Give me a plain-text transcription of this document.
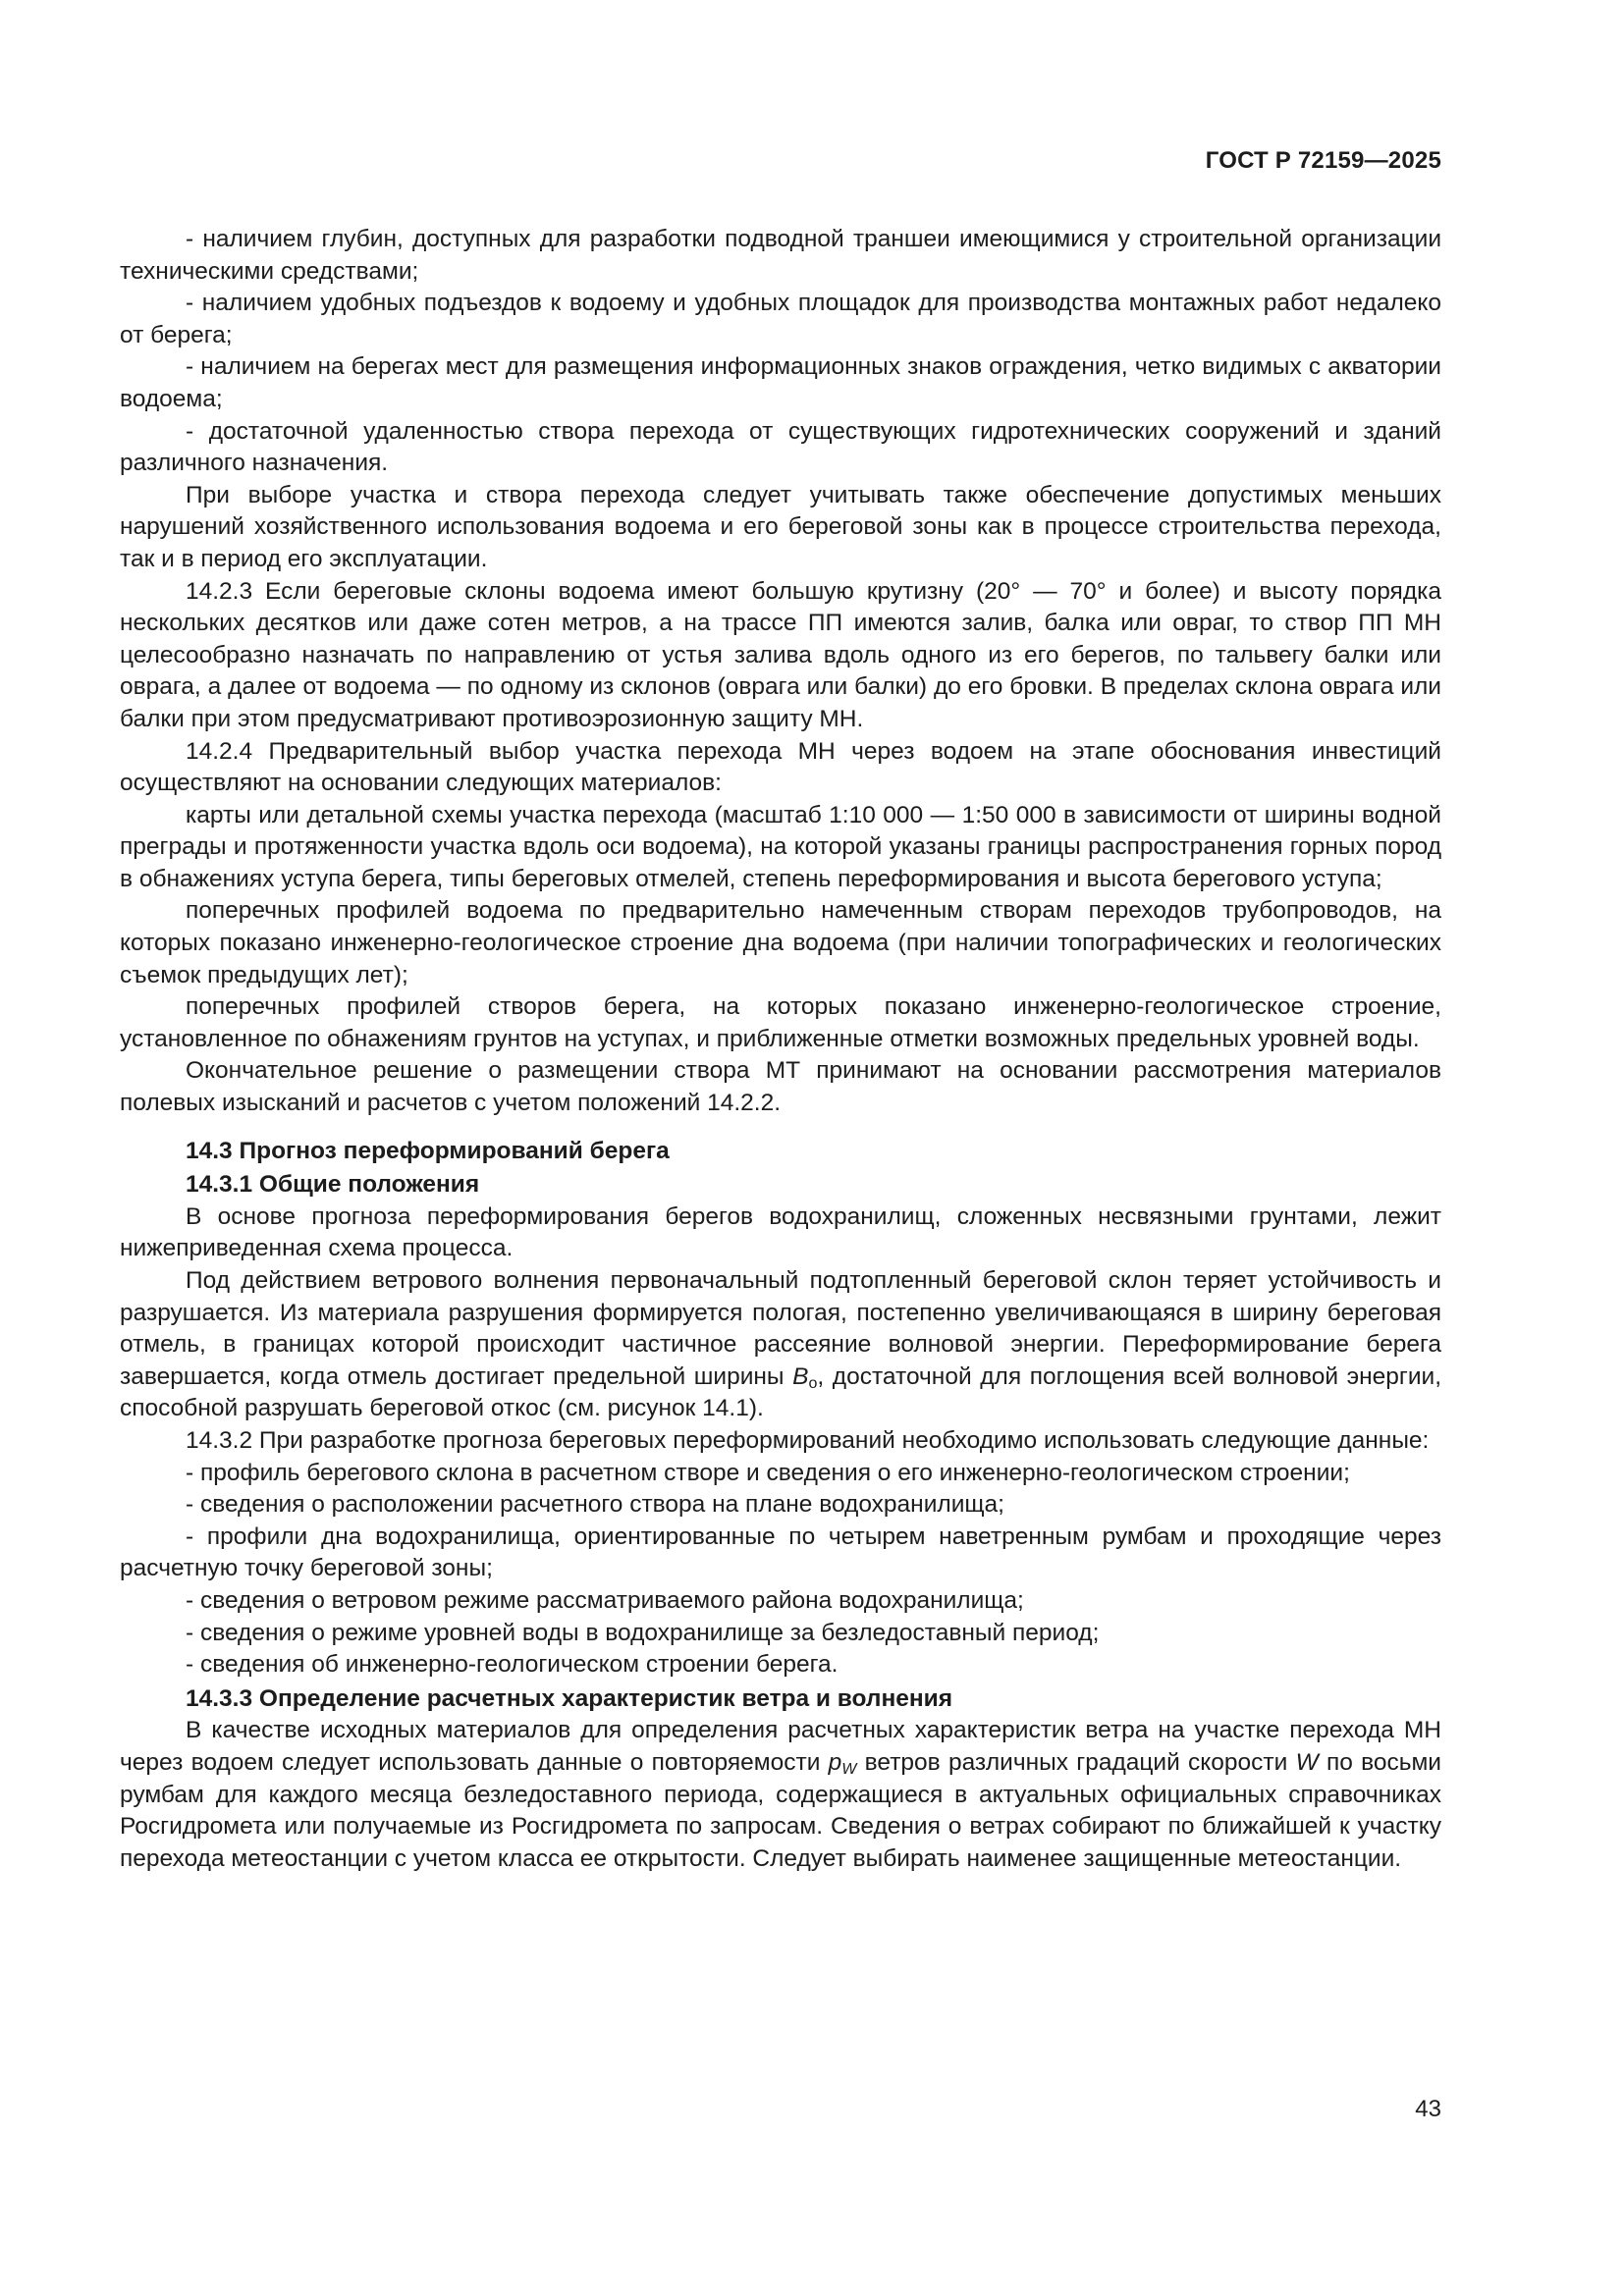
ГОСТ Р 72159—2025

- наличием глубин, доступных для разработки подводной траншеи имеющимися у строительной организации техническими средствами;

- наличием удобных подъездов к водоему и удобных площадок для производства монтажных работ недалеко от берега;

- наличием на берегах мест для размещения информационных знаков ограждения, четко видимых с акватории водоема;

- достаточной удаленностью створа перехода от существующих гидротехнических сооружений и зданий различного назначения.

При выборе участка и створа перехода следует учитывать также обеспечение допустимых меньших нарушений хозяйственного использования водоема и его береговой зоны как в процессе строительства перехода, так и в период его эксплуатации.

14.2.3 Если береговые склоны водоема имеют большую крутизну (20° — 70° и более) и высоту порядка нескольких десятков или даже сотен метров, а на трассе ПП имеются залив, балка или овраг, то створ ПП МН целесообразно назначать по направлению от устья залива вдоль одного из его берегов, по тальвегу балки или оврага, а далее от водоема — по одному из склонов (оврага или балки) до его бровки. В пределах склона оврага или балки при этом предусматривают противоэрозионную защиту МН.

14.2.4 Предварительный выбор участка перехода МН через водоем на этапе обоснования инвестиций осуществляют на основании следующих материалов:

карты или детальной схемы участка перехода (масштаб 1:10 000 — 1:50 000 в зависимости от ширины водной преграды и протяженности участка вдоль оси водоема), на которой указаны границы распространения горных пород в обнажениях уступа берега, типы береговых отмелей, степень переформирования и высота берегового уступа;

поперечных профилей водоема по предварительно намеченным створам переходов трубопроводов, на которых показано инженерно-геологическое строение дна водоема (при наличии топографических и геологических съемок предыдущих лет);

поперечных профилей створов берега, на которых показано инженерно-геологическое строение, установленное по обнажениям грунтов на уступах, и приближенные отметки возможных предельных уровней воды.

Окончательное решение о размещении створа МТ принимают на основании рассмотрения материалов полевых изысканий и расчетов с учетом положений 14.2.2.

14.3 Прогноз переформирований берега

14.3.1 Общие положения

В основе прогноза переформирования берегов водохранилищ, сложенных несвязными грунтами, лежит нижеприведенная схема процесса.

Под действием ветрового волнения первоначальный подтопленный береговой склон теряет устойчивость и разрушается. Из материала разрушения формируется пологая, постепенно увеличивающаяся в ширину береговая отмель, в границах которой происходит частичное рассеяние волновой энергии. Переформирование берега завершается, когда отмель достигает предельной ширины $B_o$, достаточной для поглощения всей волновой энергии, способной разрушать береговой откос (см. рисунок 14.1).

14.3.2 При разработке прогноза береговых переформирований необходимо использовать следующие данные:

- профиль берегового склона в расчетном створе и сведения о его инженерно-геологическом строении;

- сведения о расположении расчетного створа на плане водохранилища;

- профили дна водохранилища, ориентированные по четырем наветренным румбам и проходящие через расчетную точку береговой зоны;

- сведения о ветровом режиме рассматриваемого района водохранилища;

- сведения о режиме уровней воды в водохранилище за безледоставный период;

- сведения об инженерно-геологическом строении берега.

14.3.3 Определение расчетных характеристик ветра и волнения

В качестве исходных материалов для определения расчетных характеристик ветра на участке перехода МН через водоем следует использовать данные о повторяемости $p_W$ ветров различных градаций скорости W по восьми румбам для каждого месяца безледоставного периода, содержащиеся в актуальных официальных справочниках Росгидромета или получаемые из Росгидромета по запросам. Сведения о ветрах собирают по ближайшей к участку перехода метеостанции с учетом класса ее открытости. Следует выбирать наименее защищенные метеостанции.

43
